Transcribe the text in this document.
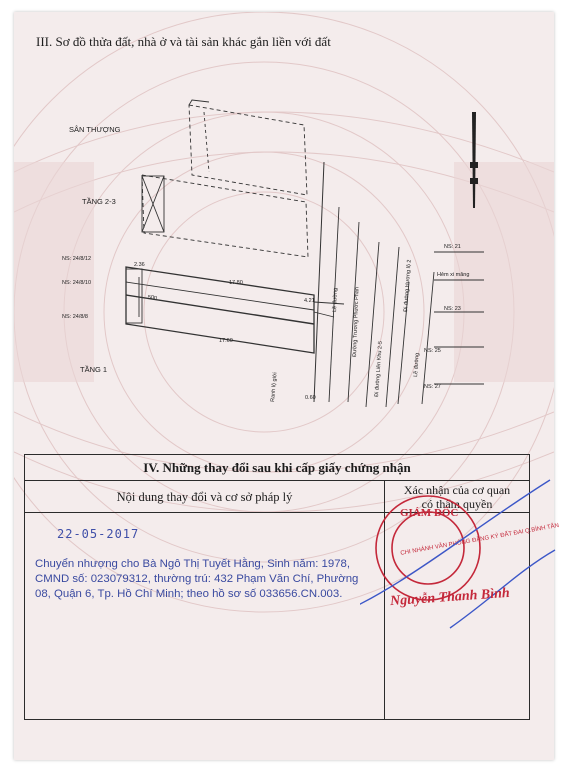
III. Sơ đồ thửa đất, nhà ở và tài sản khác gắn liền với đất
SÂN THƯỢNG
TẦNG 2-3
TẦNG 1
NS: 24/8/12
NS: 24/8/10
NS: 24/8/8
50n
17.80
17.60
2.36
4.21
0.60
NS: 21
Hẻm xi măng
NS: 23
NS: 25
NS: 27
Lề đường Đường Trương Phước Phan
Đi đường Liên Khu 2-5
Đi đường Hương lộ 2
Lề đường
Ranh lộ giới
IV. Những thay đổi sau khi cấp giấy chứng nhận
Nội dung thay đổi và cơ sở pháp lý
22-05-2017
Chuyển nhượng cho Bà Ngô Thị Tuyết Hằng, Sinh năm: 1978, CMND số: 023079312, thường trú: 432 Phạm Văn Chí, Phường 08, Quận 6, Tp. Hồ Chí Minh; theo hồ sơ số 033656.CN.003.
Xác nhận của cơ quan
có thẩm quyền
CHI NHÁNH VĂN PHÒNG ĐĂNG KÝ ĐẤT ĐAI Q.BÌNH TÂN
GIÁM ĐỐC
Nguyễn Thanh Bình
